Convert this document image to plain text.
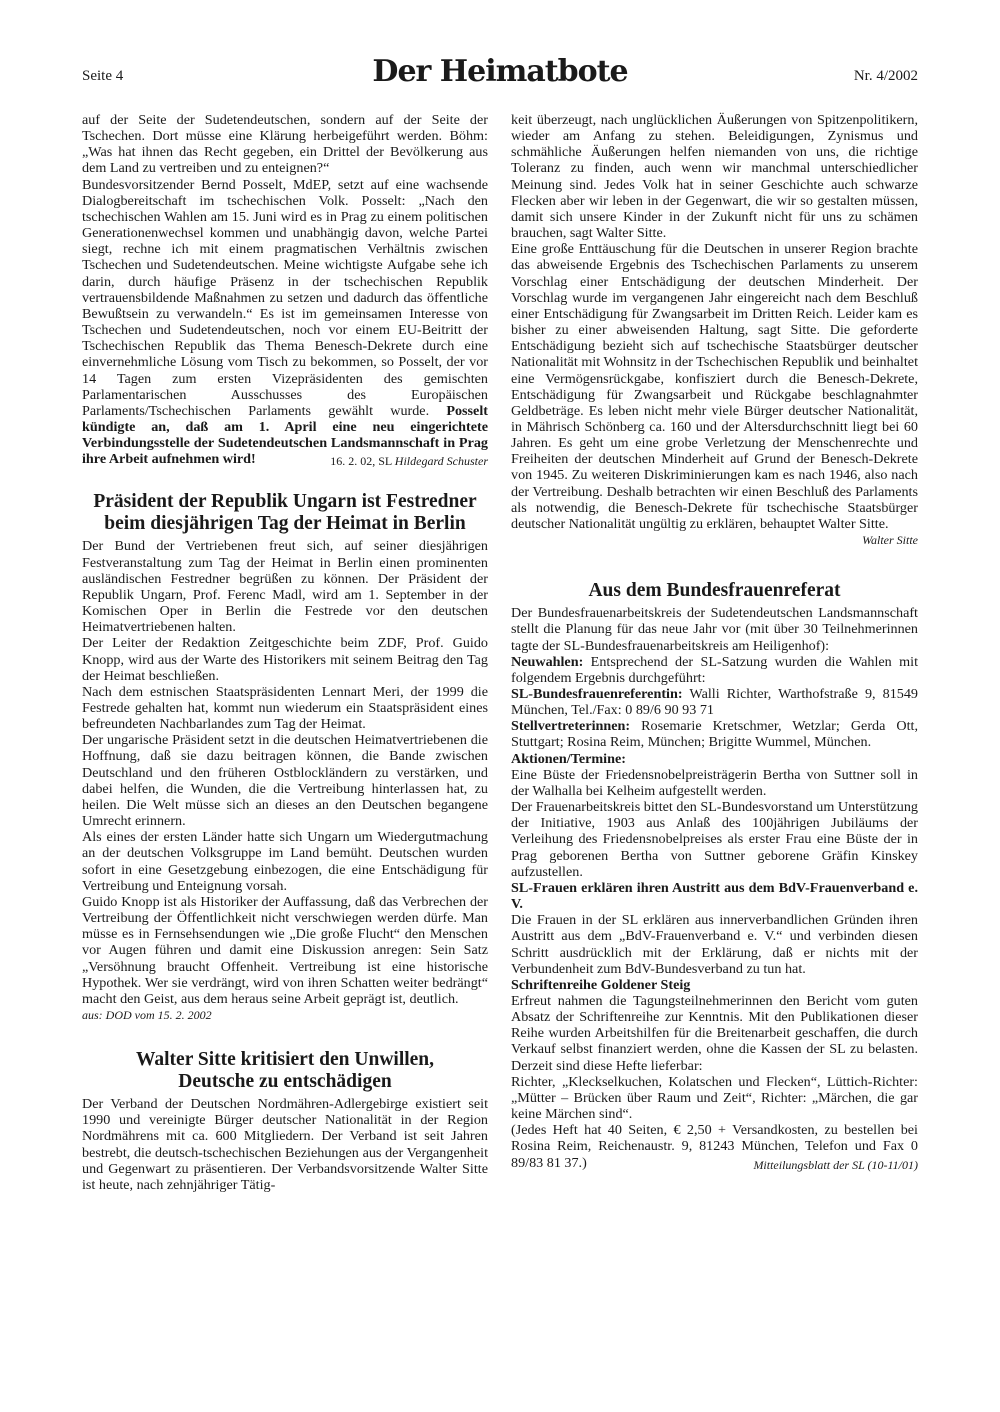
Seite 4	Der Heimatbote	Nr. 4/2002

auf der Seite der Sudetendeutschen, sondern auf der Seite der Tschechen. Dort müsse eine Klärung herbeigeführt werden. Böhm: „Was hat ihnen das Recht gegeben, ein Drittel der Bevölkerung aus dem Land zu vertreiben und zu enteignen?“

Bundesvorsitzender Bernd Posselt, MdEP, setzt auf eine wachsende Dialogbereitschaft im tschechischen Volk. Posselt: „Nach den tschechischen Wahlen am 15. Juni wird es in Prag zu einem politischen Generationenwechsel kommen und unabhängig davon, welche Partei siegt, rechne ich mit einem pragmatischen Verhältnis zwischen Tschechen und Sudetendeutschen. Meine wichtigste Aufgabe sehe ich darin, durch häufige Präsenz in der tschechischen Republik vertrauensbildende Maßnahmen zu setzen und dadurch das öffentliche Bewußtsein zu verwandeln.“ Es ist im gemeinsamen Interesse von Tschechen und Sudetendeutschen, noch vor einem EU-Beitritt der Tschechischen Republik das Thema Benesch-Dekrete durch eine einvernehmliche Lösung vom Tisch zu bekommen, so Posselt, der vor 14 Tagen zum ersten Vizepräsidenten des gemischten Parlamentarischen Ausschusses des Europäischen Parlaments/Tschechischen Parlaments gewählt wurde. Posselt kündigte an, daß am 1. April eine neu eingerichtete Verbindungsstelle der Sudetendeutschen Landsmannschaft in Prag ihre Arbeit aufnehmen wird!	16. 2. 02, SL Hildegard Schuster

Präsident der Republik Ungarn ist Festredner
beim diesjährigen Tag der Heimat in Berlin

Der Bund der Vertriebenen freut sich, auf seiner diesjährigen Festveranstaltung zum Tag der Heimat in Berlin einen prominenten ausländischen Festredner begrüßen zu können. Der Präsident der Republik Ungarn, Prof. Ferenc Madl, wird am 1. September in der Komischen Oper in Berlin die Festrede vor den deutschen Heimatvertriebenen halten.

Der Leiter der Redaktion Zeitgeschichte beim ZDF, Prof. Guido Knopp, wird aus der Warte des Historikers mit seinem Beitrag den Tag der Heimat beschließen.

Nach dem estnischen Staatspräsidenten Lennart Meri, der 1999 die Festrede gehalten hat, kommt nun wiederum ein Staatspräsident eines befreundeten Nachbarlandes zum Tag der Heimat.

Der ungarische Präsident setzt in die deutschen Heimatvertriebenen die Hoffnung, daß sie dazu beitragen können, die Bande zwischen Deutschland und den früheren Ostblockländern zu verstärken, und dabei helfen, die Wunden, die die Vertreibung hinterlassen hat, zu heilen. Die Welt müsse sich an dieses an den Deutschen begangene Umrecht erinnern.

Als eines der ersten Länder hatte sich Ungarn um Wiedergutmachung an der deutschen Volksgruppe im Land bemüht. Deutschen wurden sofort in eine Gesetzgebung einbezogen, die eine Entschädigung für Vertreibung und Enteignung vorsah.

Guido Knopp ist als Historiker der Auffassung, daß das Verbrechen der Vertreibung der Öffentlichkeit nicht verschwiegen werden dürfe. Man müsse es in Fernsehsendungen wie „Die große Flucht“ den Menschen vor Augen führen und damit eine Diskussion anregen: Sein Satz „Versöhnung braucht Offenheit. Vertreibung ist eine historische Hypothek. Wer sie verdrängt, wird von ihren Schatten weiter bedrängt“ macht den Geist, aus dem heraus seine Arbeit geprägt ist, deutlich.

aus: DOD vom 15. 2. 2002

Walter Sitte kritisiert den Unwillen,
Deutsche zu entschädigen

Der Verband der Deutschen Nordmähren-Adlergebirge existiert seit 1990 und vereinigte Bürger deutscher Nationalität in der Region Nordmährens mit ca. 600 Mitgliedern. Der Verband ist seit Jahren bestrebt, die deutsch-tschechischen Beziehungen aus der Vergangenheit und Gegenwart zu präsentieren. Der Verbandsvorsitzende Walter Sitte ist heute, nach zehnjähriger Tätig-

keit überzeugt, nach unglücklichen Äußerungen von Spitzenpolitikern, wieder am Anfang zu stehen. Beleidigungen, Zynismus und schmähliche Äußerungen helfen niemanden von uns, die richtige Toleranz zu finden, auch wenn wir manchmal unterschiedlicher Meinung sind. Jedes Volk hat in seiner Geschichte auch schwarze Flecken aber wir leben in der Gegenwart, die wir so gestalten müssen, damit sich unsere Kinder in der Zukunft nicht für uns zu schämen brauchen, sagt Walter Sitte.

Eine große Enttäuschung für die Deutschen in unserer Region brachte das abweisende Ergebnis des Tschechischen Parlaments zu unserem Vorschlag einer Entschädigung der deutschen Minderheit. Der Vorschlag wurde im vergangenen Jahr eingereicht nach dem Beschluß einer Entschädigung für Zwangsarbeit im Dritten Reich. Leider kam es bisher zu einer abweisenden Haltung, sagt Sitte. Die geforderte Entschädigung bezieht sich auf tschechische Staatsbürger deutscher Nationalität mit Wohnsitz in der Tschechischen Republik und beinhaltet eine Vermögensrückgabe, konfisziert durch die Benesch-Dekrete, Entschädigung für Zwangsarbeit und Rückgabe beschlagnahmter Geldbeträge. Es leben nicht mehr viele Bürger deutscher Nationalität, in Mährisch Schönberg ca. 160 und der Altersdurchschnitt liegt bei 60 Jahren. Es geht um eine grobe Verletzung der Menschenrechte und Freiheiten der deutschen Minderheit auf Grund der Benesch-Dekrete von 1945. Zu weiteren Diskriminierungen kam es nach 1946, also nach der Vertreibung. Deshalb betrachten wir einen Beschluß des Parlaments als notwendig, die Benesch-Dekrete für tschechische Staatsbürger deutscher Nationalität ungültig zu erklären, behauptet Walter Sitte.

Walter Sitte
Aus dem Bundesfrauenreferat

Der Bundesfrauenarbeitskreis der Sudetendeutschen Landsmannschaft stellt die Planung für das neue Jahr vor (mit über 30 Teilnehmerinnen tagte der SL-Bundesfrauenarbeitskreis am Heiligenhof):

Neuwahlen: Entsprechend der SL-Satzung wurden die Wahlen mit folgendem Ergebnis durchgeführt:

SL-Bundesfrauenreferentin: Walli Richter, Warthofstraße 9, 81549 München, Tel./Fax: 0 89/6 90 93 71

Stellvertreterinnen: Rosemarie Kretschmer, Wetzlar; Gerda Ott, Stuttgart; Rosina Reim, München; Brigitte Wummel, München.

Aktionen/Termine:

Eine Büste der Friedensnobelpreisträgerin Bertha von Suttner soll in der Walhalla bei Kelheim aufgestellt werden.

Der Frauenarbeitskreis bittet den SL-Bundesvorstand um Unterstützung der Initiative, 1903 aus Anlaß des 100jährigen Jubiläums der Verleihung des Friedensnobelpreises als erster Frau eine Büste der in Prag geborenen Bertha von Suttner geborene Gräfin Kinskey aufzustellen.

SL-Frauen erklären ihren Austritt aus dem BdV-Frauenverband e. V.

Die Frauen in der SL erklären aus innerverbandlichen Gründen ihren Austritt aus dem „BdV-Frauenverband e. V.“ und verbinden diesen Schritt ausdrücklich mit der Erklärung, daß er nichts mit der Verbundenheit zum BdV-Bundesverband zu tun hat.

Schriftenreihe Goldener Steig

Erfreut nahmen die Tagungsteilnehmerinnen den Bericht vom guten Absatz der Schriftenreihe zur Kenntnis. Mit den Publikationen dieser Reihe wurden Arbeitshilfen für die Breitenarbeit geschaffen, die durch Verkauf selbst finanziert werden, ohne die Kassen der SL zu belasten. Derzeit sind diese Hefte lieferbar:

Richter, „Kleckselkuchen, Kolatschen und Flecken“, Lüttich-Richter: „Mütter – Brücken über Raum und Zeit“, Richter: „Märchen, die gar keine Märchen sind“.

(Jedes Heft hat 40 Seiten, € 2,50 + Versandkosten, zu bestellen bei Rosina Reim, Reichenaustr. 9, 81243 München, Telefon und Fax 0 89/83 81 37.)	Mitteilungsblatt der SL (10-11/01)
